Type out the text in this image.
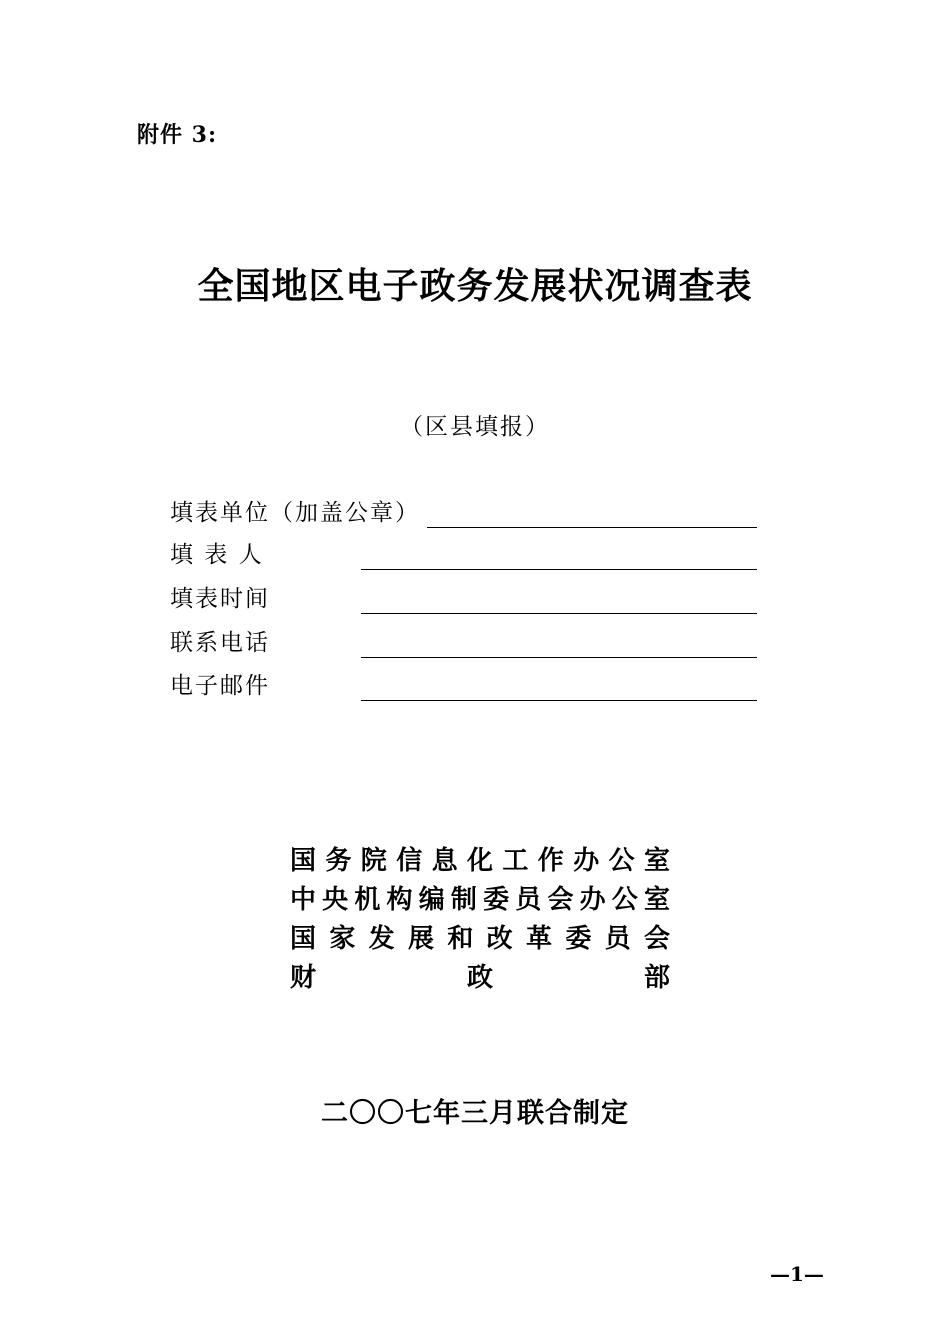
附件 3:
全国地区电子政务发展状况调查表
（区县填报）
填表单位（加盖公章）
填 表 人
填表时间
联系电话
电子邮件
国务院信息化工作办公室
中央机构编制委员会办公室
国家发展和改革委员会
财 政 部
二〇〇七年三月联合制定
—1—
